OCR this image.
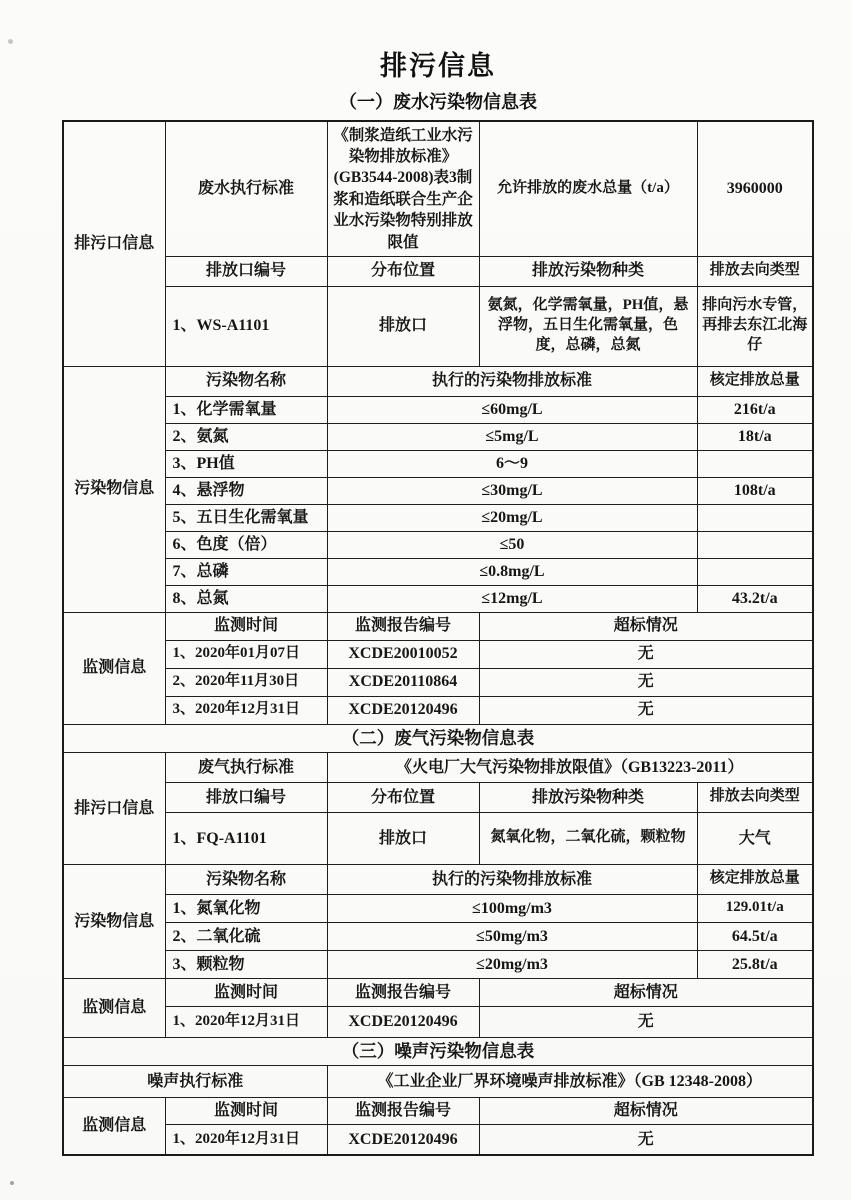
排污信息
（一）废水污染物信息表
排污口信息	废水执行标准	《制浆造纸工业水污染物排放标准》(GB3544-2008)表3制浆和造纸联合生产企业水污染物特别排放限值	允许排放的废水总量（t/a）	3960000
	排放口编号	分布位置	排放污染物种类	排放去向类型
	1、WS-A1101	排放口	氨氮，化学需氧量，PH值，悬浮物，五日生化需氧量，色度，总磷，总氮	排向污水专管，再排去东江北海仔
污染物信息	污染物名称	执行的污染物排放标准		核定排放总量
	1、化学需氧量	≤60mg/L		216t/a
	2、氨氮	≤5mg/L		18t/a
	3、PH值	6～9		
	4、悬浮物	≤30mg/L		108t/a
	5、五日生化需氧量	≤20mg/L		
	6、色度（倍）	≤50		
	7、总磷	≤0.8mg/L		
	8、总氮	≤12mg/L		43.2t/a
监测信息	监测时间	监测报告编号	超标情况	
	1、2020年01月07日	XCDE20010052	无	
	2、2020年11月30日	XCDE20110864	无	
	3、2020年12月31日	XCDE20120496	无	
（二）废气污染物信息表				
排污口信息	废气执行标准	《火电厂大气污染物排放限值》（GB13223-2011）		
	排放口编号	分布位置	排放污染物种类	排放去向类型
	1、FQ-A1101	排放口	氮氧化物，二氧化硫，颗粒物	大气
污染物信息	污染物名称	执行的污染物排放标准		核定排放总量
	1、氮氧化物	≤100mg/m3		129.01t/a
	2、二氧化硫	≤50mg/m3		64.5t/a
	3、颗粒物	≤20mg/m3		25.8t/a
监测信息	监测时间	监测报告编号	超标情况	
	1、2020年12月31日	XCDE20120496	无	
（三）噪声污染物信息表				
噪声执行标准		《工业企业厂界环境噪声排放标准》（GB 12348-2008）		
监测信息	监测时间	监测报告编号	超标情况	
	1、2020年12月31日	XCDE20120496	无	
